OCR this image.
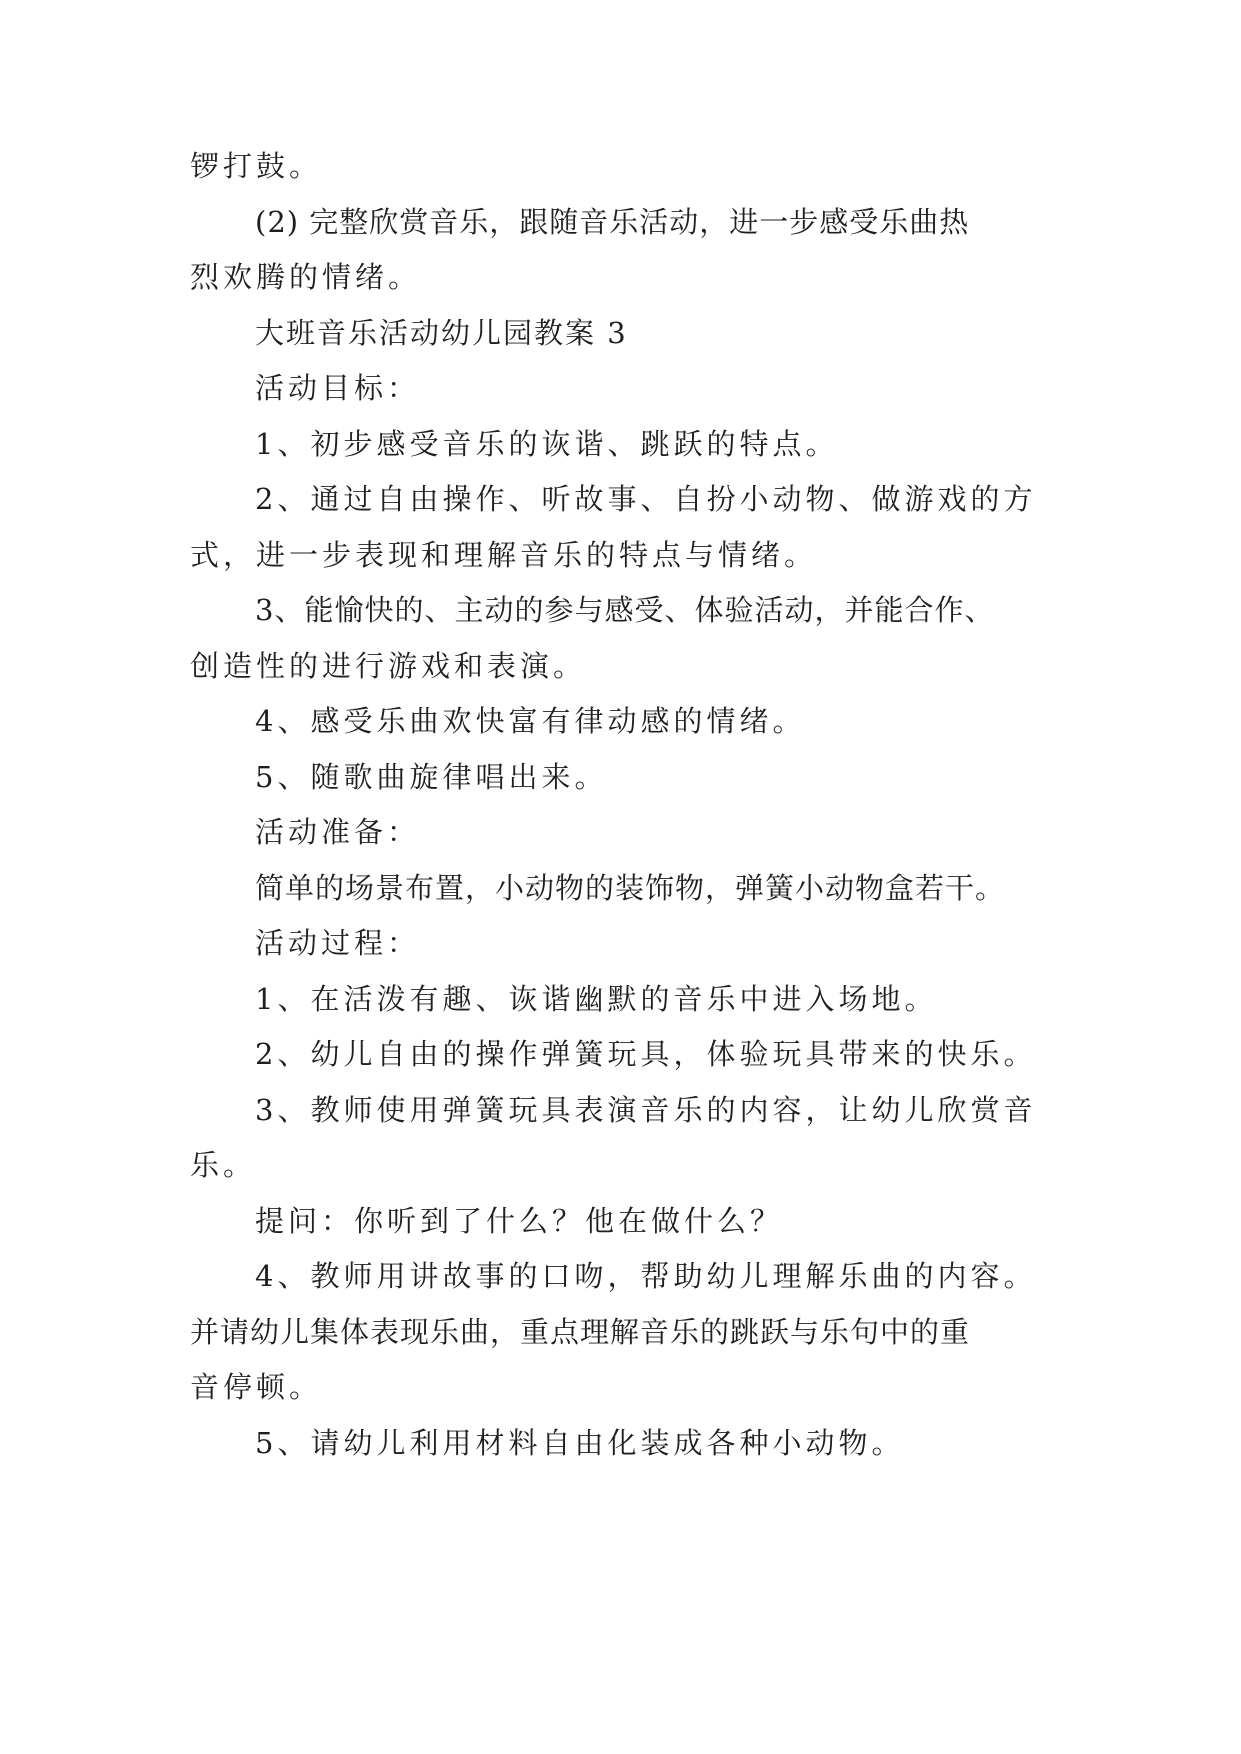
锣打鼓。
(2) 完整欣赏音乐，跟随音乐活动，进一步感受乐曲热
烈欢腾的情绪。
大班音乐活动幼儿园教案 3
活动目标：
1、初步感受音乐的诙谐、跳跃的特点。
2、通过自由操作、听故事、自扮小动物、做游戏的方
式，进一步表现和理解音乐的特点与情绪。
3、能愉快的、主动的参与感受、体验活动，并能合作、
创造性的进行游戏和表演。
4、感受乐曲欢快富有律动感的情绪。
5、随歌曲旋律唱出来。
活动准备：
简单的场景布置，小动物的装饰物，弹簧小动物盒若干。
活动过程：
1、在活泼有趣、诙谐幽默的音乐中进入场地。
2、幼儿自由的操作弹簧玩具，体验玩具带来的快乐。
3、教师使用弹簧玩具表演音乐的内容，让幼儿欣赏音
乐。
提问：你听到了什么？他在做什么？
4、教师用讲故事的口吻，帮助幼儿理解乐曲的内容。
并请幼儿集体表现乐曲，重点理解音乐的跳跃与乐句中的重
音停顿。
5、请幼儿利用材料自由化装成各种小动物。
